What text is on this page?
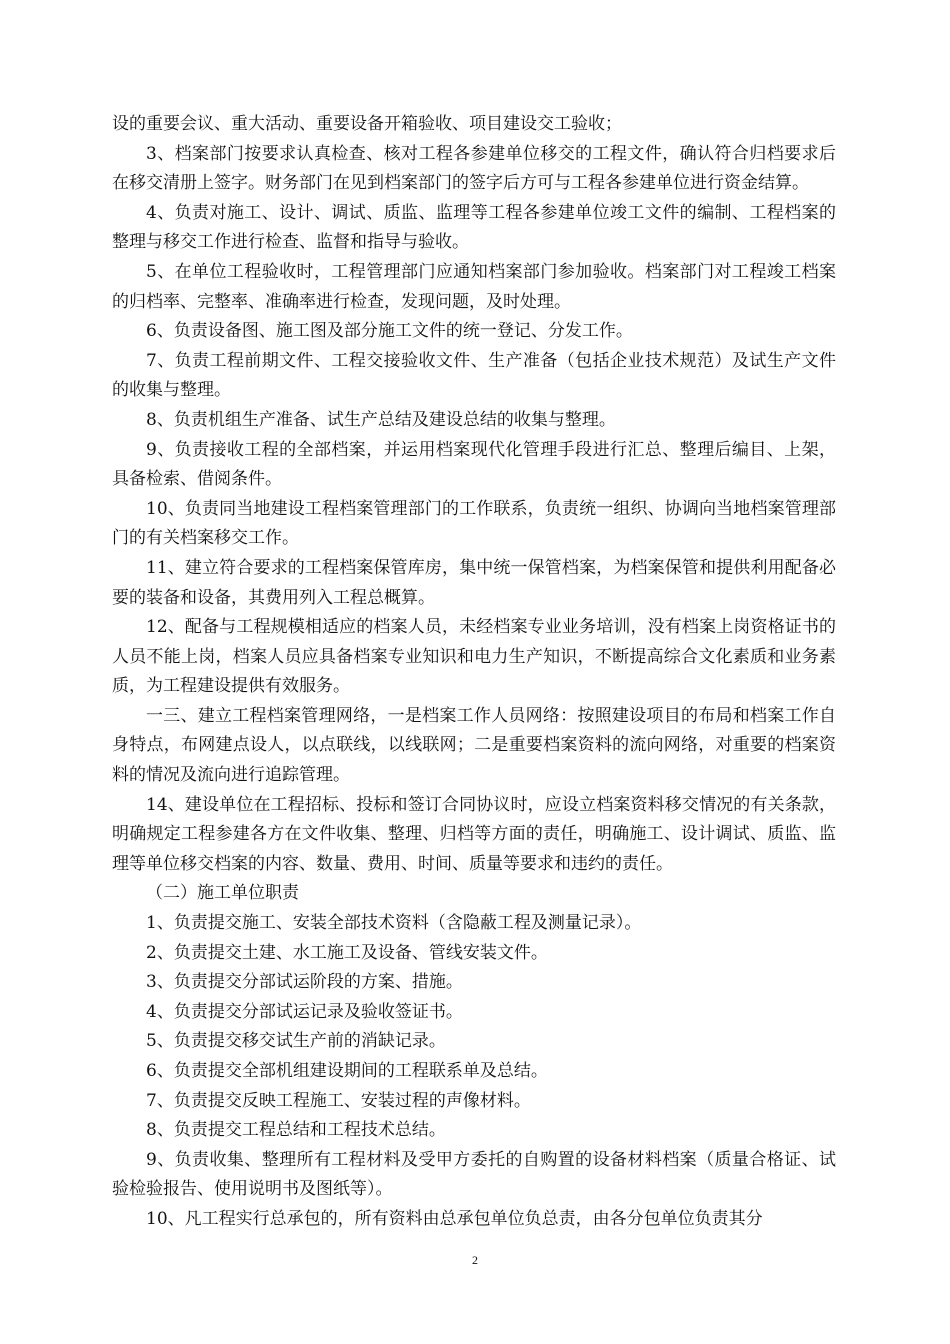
设的重要会议、重大活动、重要设备开箱验收、项目建设交工验收；

3、档案部门按要求认真检查、核对工程各参建单位移交的工程文件，确认符合归档要求后在移交清册上签字。财务部门在见到档案部门的签字后方可与工程各参建单位进行资金结算。

4、负责对施工、设计、调试、质监、监理等工程各参建单位竣工文件的编制、工程档案的整理与移交工作进行检查、监督和指导与验收。

5、在单位工程验收时，工程管理部门应通知档案部门参加验收。档案部门对工程竣工档案的归档率、完整率、准确率进行检查，发现问题，及时处理。

6、负责设备图、施工图及部分施工文件的统一登记、分发工作。

7、负责工程前期文件、工程交接验收文件、生产准备（包括企业技术规范）及试生产文件的收集与整理。

8、负责机组生产准备、试生产总结及建设总结的收集与整理。

9、负责接收工程的全部档案，并运用档案现代化管理手段进行汇总、整理后编目、上架，具备检索、借阅条件。

10、负责同当地建设工程档案管理部门的工作联系，负责统一组织、协调向当地档案管理部门的有关档案移交工作。

11、建立符合要求的工程档案保管库房，集中统一保管档案，为档案保管和提供利用配备必要的装备和设备，其费用列入工程总概算。

12、配备与工程规模相适应的档案人员，未经档案专业业务培训，没有档案上岗资格证书的人员不能上岗，档案人员应具备档案专业知识和电力生产知识，不断提高综合文化素质和业务素质，为工程建设提供有效服务。

一三、建立工程档案管理网络，一是档案工作人员网络：按照建设项目的布局和档案工作自身特点，布网建点设人，以点联线，以线联网；二是重要档案资料的流向网络，对重要的档案资料的情况及流向进行追踪管理。

14、建设单位在工程招标、投标和签订合同协议时，应设立档案资料移交情况的有关条款，明确规定工程参建各方在文件收集、整理、归档等方面的责任，明确施工、设计调试、质监、监理等单位移交档案的内容、数量、费用、时间、质量等要求和违约的责任。

（二）施工单位职责

1、负责提交施工、安装全部技术资料（含隐蔽工程及测量记录）。

2、负责提交土建、水工施工及设备、管线安装文件。

3、负责提交分部试运阶段的方案、措施。

4、负责提交分部试运记录及验收签证书。

5、负责提交移交试生产前的消缺记录。

6、负责提交全部机组建设期间的工程联系单及总结。

7、负责提交反映工程施工、安装过程的声像材料。

8、负责提交工程总结和工程技术总结。

9、负责收集、整理所有工程材料及受甲方委托的自购置的设备材料档案（质量合格证、试验检验报告、使用说明书及图纸等）。

10、凡工程实行总承包的，所有资料由总承包单位负总责，由各分包单位负责其分

2
